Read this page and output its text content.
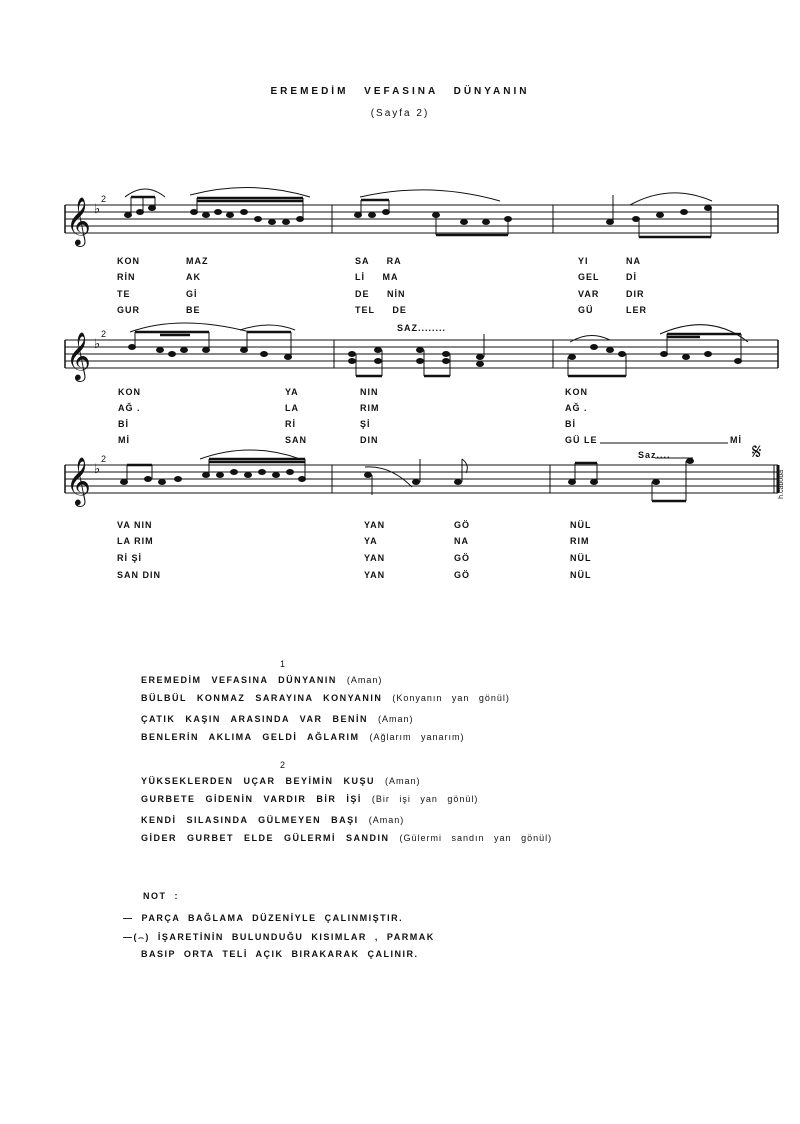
EREMEDİM VEFASINA DÜNYANIN
(Sayfa 2)
𝄞 ♭
2
KON	MAZ	SA RA	YI	NA
RİN	AK	Lİ MA	GEL	Dİ
TE	Gİ	DE NİN	VAR	DIR
GUR	BE	TEL DE	GÜ	LER
SAZ........
𝄞 ♭
2
KON	YA	NIN	KON
AĞ .	LA	RIM	AĞ .
Bİ	Rİ	Şİ	Bİ
Mİ	SAN	DIN	GÜ LE	Mİ
Saz....
𝄞 ♭
2	𝄋
VA NIN	YAN	GÖ	NÜL
LA RIM	YA	NA	RIM
Rİ Şİ	YAN	GÖ	NÜL
SAN DIN	YAN	GÖ	NÜL
h.caboba
1
EREMEDİM VEFASINA DÜNYANIN (Aman)
BÜLBÜL KONMAZ SARAYINA KONYANIN (Konyanın yan gönül)
ÇATIK KAŞIN ARASINDA VAR BENİN (Aman)
BENLERİN AKLIMA GELDİ AĞLARIM (Ağlarım yanarım)
2
YÜKSEKLERDEN UÇAR BEYİMİN KUŞU (Aman)
GURBETE GİDENİN VARDIR BİR İŞİ (Bir işi yan gönül)
KENDİ SILASINDA GÜLMEYEN BAŞI (Aman)
GİDER GURBET ELDE GÜLERMİ SANDIN (Gülermi sandın yan gönül)
NOT :
— PARÇA BAĞLAMA DÜZENİYLE ÇALINMIŞTIR.
—(⌢) İŞARETİNİN BULUNDUĞU KISIMLAR , PARMAK
BASIP ORTA TELİ AÇIK BIRAKARAK ÇALINIR.
